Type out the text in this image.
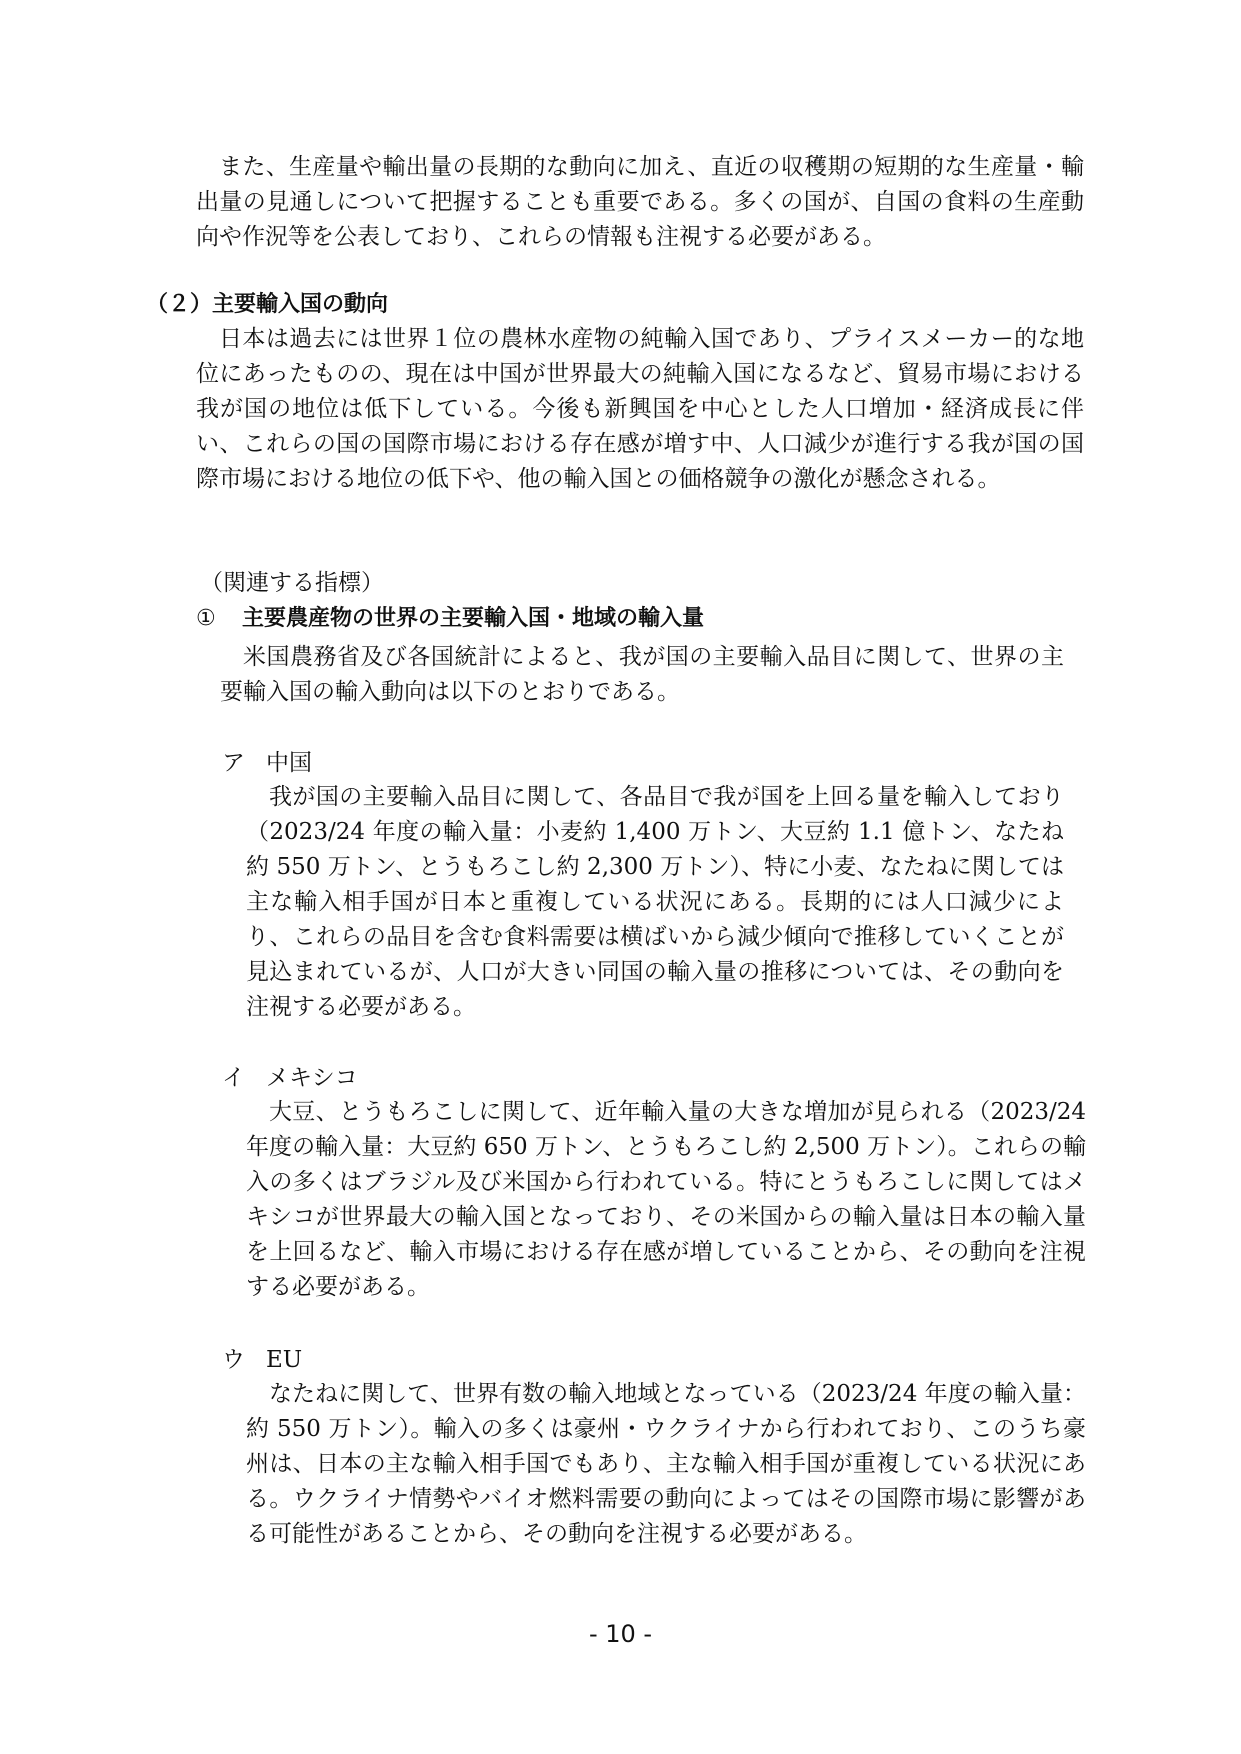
また、生産量や輸出量の長期的な動向に加え、直近の収穫期の短期的な生産量・輸出量の見通しについて把握することも重要である。多くの国が、自国の食料の生産動向や作況等を公表しており、これらの情報も注視する必要がある。

（２）主要輸入国の動向

日本は過去には世界１位の農林水産物の純輸入国であり、プライスメーカー的な地位にあったものの、現在は中国が世界最大の純輸入国になるなど、貿易市場における我が国の地位は低下している。今後も新興国を中心とした人口増加・経済成長に伴い、これらの国の国際市場における存在感が増す中、人口減少が進行する我が国の国際市場における地位の低下や、他の輸入国との価格競争の激化が懸念される。

（関連する指標）
① 主要農産物の世界の主要輸入国・地域の輸入量

米国農務省及び各国統計によると、我が国の主要輸入品目に関して、世界の主要輸入国の輸入動向は以下のとおりである。

ア 中国

我が国の主要輸入品目に関して、各品目で我が国を上回る量を輸入しており（2023/24 年度の輸入量：小麦約 1,400 万トン、大豆約 1.1 億トン、なたね約 550 万トン、とうもろこし約 2,300 万トン）、特に小麦、なたねに関しては主な輸入相手国が日本と重複している状況にある。長期的には人口減少により、これらの品目を含む食料需要は横ばいから減少傾向で推移していくことが見込まれているが、人口が大きい同国の輸入量の推移については、その動向を注視する必要がある。

イ メキシコ

大豆、とうもろこしに関して、近年輸入量の大きな増加が見られる（2023/24 年度の輸入量：大豆約 650 万トン、とうもろこし約 2,500 万トン）。これらの輸入の多くはブラジル及び米国から行われている。特にとうもろこしに関してはメキシコが世界最大の輸入国となっており、その米国からの輸入量は日本の輸入量を上回るなど、輸入市場における存在感が増していることから、その動向を注視する必要がある。

ウ EU

なたねに関して、世界有数の輸入地域となっている（2023/24 年度の輸入量：約 550 万トン）。輸入の多くは豪州・ウクライナから行われており、このうち豪州は、日本の主な輸入相手国でもあり、主な輸入相手国が重複している状況にある。ウクライナ情勢やバイオ燃料需要の動向によってはその国際市場に影響がある可能性があることから、その動向を注視する必要がある。

- 10 -
